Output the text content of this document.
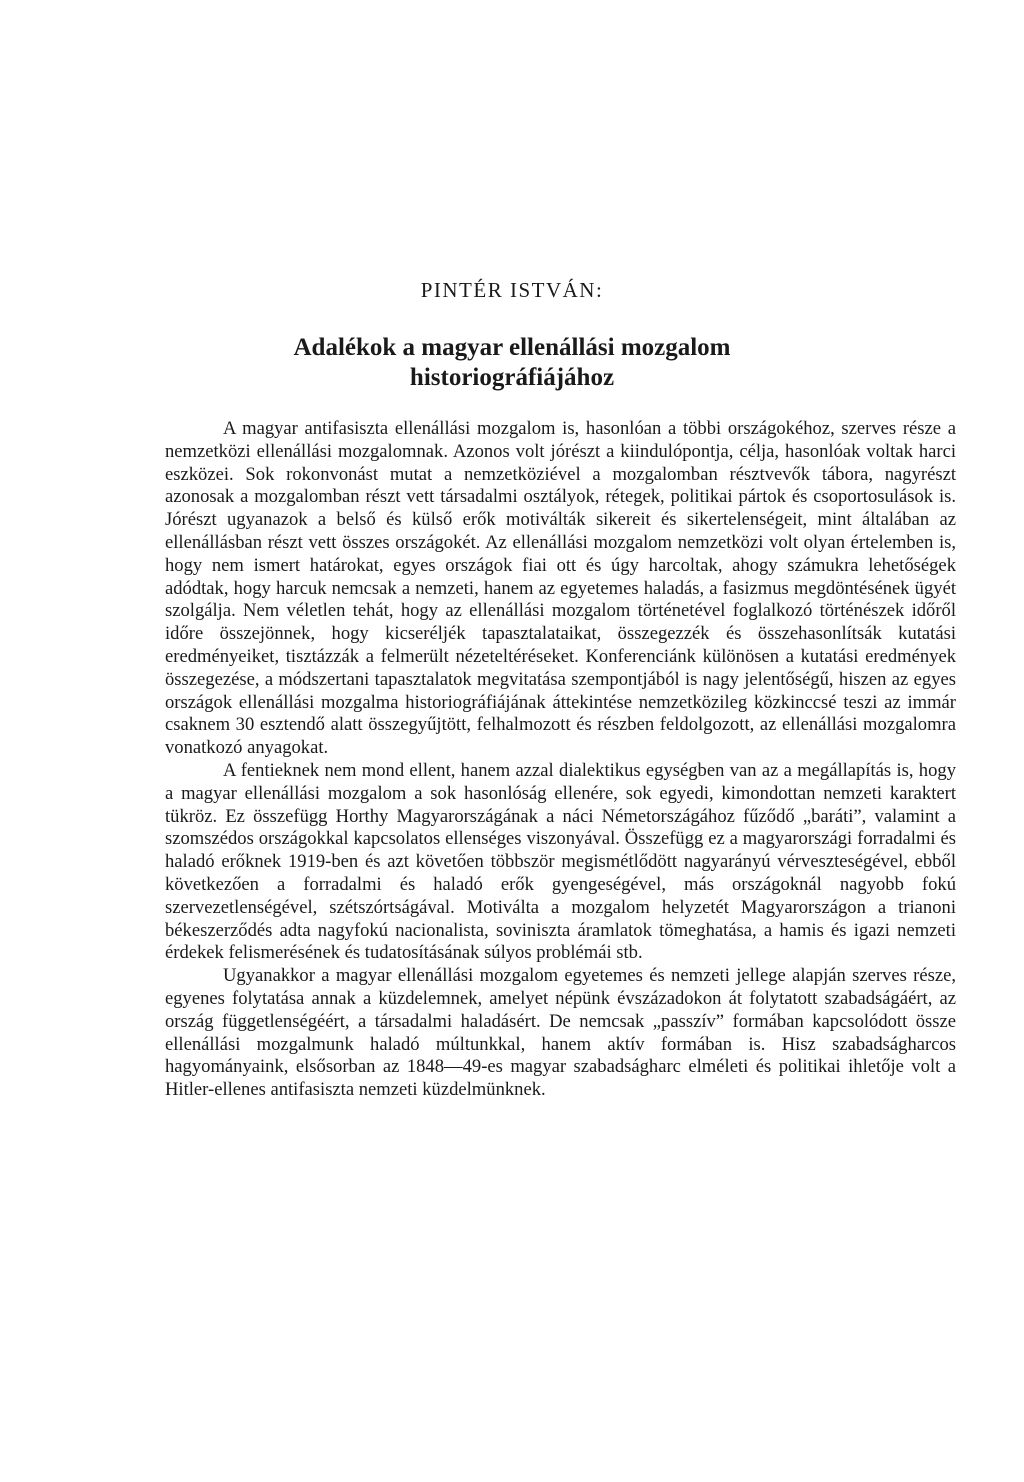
PINTÉR ISTVÁN:
Adalékok a magyar ellenállási mozgalom
historiográfiájához

A magyar antifasiszta ellenállási mozgalom is, hasonlóan a többi országokéhoz, szerves része a nemzetközi ellenállási mozgalomnak. Azonos volt jórészt a kiindulópontja, célja, hasonlóak voltak harci eszközei. Sok rokonvonást mutat a nemzetköziével a mozgalomban résztvevők tábora, nagyrészt azonosak a mozgalomban részt vett társadalmi osztályok, rétegek, politikai pártok és csoportosulások is. Jórészt ugyanazok a belső és külső erők motiválták sikereit és sikertelenségeit, mint általában az ellenállásban részt vett összes országokét. Az ellenállási mozgalom nemzetközi volt olyan értelemben is, hogy nem ismert határokat, egyes országok fiai ott és úgy harcoltak, ahogy számukra lehetőségek adódtak, hogy harcuk nemcsak a nemzeti, hanem az egyetemes haladás, a fasizmus megdöntésének ügyét szolgálja. Nem véletlen tehát, hogy az ellenállási mozgalom történetével foglalkozó történészek időről időre összejönnek, hogy kicseréljék tapasztalataikat, összegezzék és összehasonlítsák kutatási eredményeiket, tisztázzák a felmerült nézeteltéréseket. Konferenciánk különösen a kutatási eredmények összegezése, a módszertani tapasztalatok megvitatása szempontjából is nagy jelentőségű, hiszen az egyes országok ellenállási mozgalma historiográfiájának áttekintése nemzetközileg közkinccsé teszi az immár csaknem 30 esztendő alatt összegyűjtött, felhalmozott és részben feldolgozott, az ellenállási mozgalomra vonatkozó anyagokat.

A fentieknek nem mond ellent, hanem azzal dialektikus egységben van az a megállapítás is, hogy a magyar ellenállási mozgalom a sok hasonlóság ellenére, sok egyedi, kimondottan nemzeti karaktert tükröz. Ez összefügg Horthy Magyarországának a náci Németországához fűződő „baráti”, valamint a szomszédos országokkal kapcsolatos ellenséges viszonyával. Összefügg ez a magyarországi forradalmi és haladó erőknek 1919-ben és azt követően többször megismétlődött nagyarányú vérveszteségével, ebből következően a forradalmi és haladó erők gyengeségével, más országoknál nagyobb fokú szervezetlenségével, szétszórtságával. Motiválta a mozgalom helyzetét Magyarországon a trianoni békeszerződés adta nagyfokú nacionalista, soviniszta áramlatok tömeghatása, a hamis és igazi nemzeti érdekek felismerésének és tudatosításának súlyos problémái stb.

Ugyanakkor a magyar ellenállási mozgalom egyetemes és nemzeti jellege alapján szerves része, egyenes folytatása annak a küzdelemnek, amelyet népünk évszázadokon át folytatott szabadságáért, az ország függetlenségéért, a társadalmi haladásért. De nemcsak „passzív” formában kapcsolódott össze ellenállási mozgalmunk haladó múltunkkal, hanem aktív formában is. Hisz szabadságharcos hagyományaink, elsősorban az 1848—49-es magyar szabadságharc elméleti és politikai ihletője volt a Hitler-ellenes antifasiszta nemzeti küzdelmünknek.
